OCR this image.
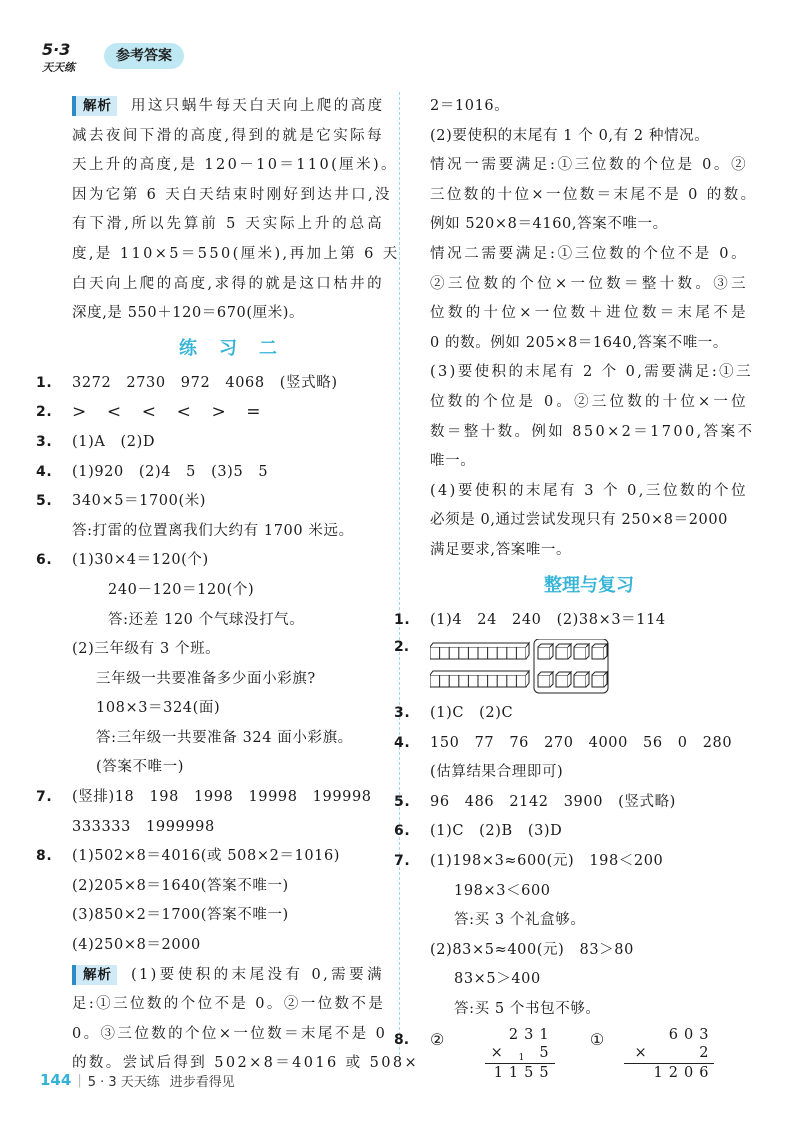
5·3
天天练
参考答案
解析 用这只蜗牛每天白天向上爬的高度
减去夜间下滑的高度,得到的就是它实际每
天上升的高度,是 120－10＝110(厘米)。
因为它第 6 天白天结束时刚好到达井口,没
有下滑,所以先算前 5 天实际上升的总高
度,是 110×5＝550(厘米),再加上第 6 天
白天向上爬的高度,求得的就是这口枯井的
深度,是 550＋120＝670(厘米)。
练习二
1 .	3272　2730　972　4068　(竖式略)
2 .	> < < < > =
3 .	(1)A　(2)D
4 .	(1)920　(2)4　5　(3)5　5
5 .	340×5＝1700(米)
答:打雷的位置离我们大约有 1700 米远。
6 .	(1)30×4＝120(个)
240－120＝120(个)
答:还差 120 个气球没打气。
(2)三年级有 3 个班。
三年级一共要准备多少面小彩旗?
108×3＝324(面)
答:三年级一共要准备 324 面小彩旗。
(答案不唯一)
7 .	(竖排)18　198　1998　19998　199998
333333　1999998
8 .	(1)502×8＝4016(或 508×2＝1016)
(2)205×8＝1640(答案不唯一)
(3)850×2＝1700(答案不唯一)
(4)250×8＝2000
解析 (1)要使积的末尾没有 0,需要满
足:①三位数的个位不是 0。②一位数不是
0。③三位数的个位×一位数＝末尾不是 0
的数。尝试后得到 502×8＝4016 或 508×
2＝1016。
(2)要使积的末尾有 1 个 0,有 2 种情况。
情况一需要满足:①三位数的个位是 0。②
三位数的十位×一位数＝末尾不是 0 的数。
例如 520×8＝4160,答案不唯一。
情况二需要满足:①三位数的个位不是 0。
②三位数的个位×一位数＝整十数。③三
位数的十位×一位数＋进位数＝末尾不是
0 的数。例如 205×8＝1640,答案不唯一。
(3)要使积的末尾有 2 个 0,需要满足:①三
位数的个位是 0。②三位数的十位×一位
数＝整十数。例如 850×2＝1700,答案不
唯一。
(4)要使积的末尾有 3 个 0,三位数的个位
必须是 0,通过尝试发现只有 250×8＝2000
满足要求,答案唯一。
整理与复习
1 .	(1)4　24　240　(2)38×3＝114
2 .
3 .	(1)C　(2)C
4 .	150　77　76　270　4000　56　0　280
(估算结果合理即可)
5 .	96　486　2142　3900　(竖式略)
6 .	(1)C　(2)B　(3)D
7 .	(1)198×3≈600(元)　198＜200
198×3＜600
答:买 3 个礼盒够。
(2)83×5≈400(元)　83＞80
83×5＞400
答:买 5 个书包不够。
8 .	②	231
× 1 5
1155
①	603
×	2
1206
144 | 5 · 3 天天练 进步看得见
